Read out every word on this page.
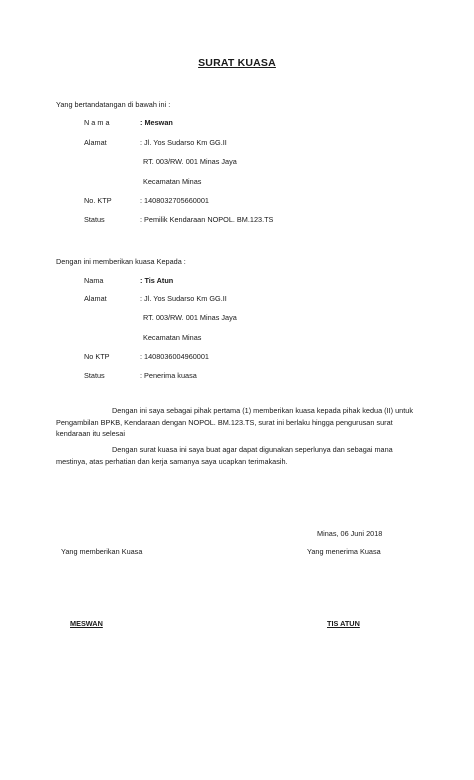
SURAT KUASA
Yang bertandatangan di bawah ini :
N a m a	: Meswan
Alamat	: Jl. Yos Sudarso Km GG.II
RT. 003/RW. 001 Minas Jaya
Kecamatan Minas
No. KTP	: 1408032705660001
Status	: Pemilik Kendaraan NOPOL. BM.123.TS
Dengan ini memberikan kuasa Kepada :
Nama	: Tis Atun
Alamat	: Jl. Yos Sudarso Km GG.II
RT. 003/RW. 001 Minas Jaya
Kecamatan Minas
No KTP	: 1408036004960001
Status	: Penerima kuasa
Dengan ini saya sebagai pihak pertama (1) memberikan kuasa kepada pihak kedua (II) untuk Pengambilan BPKB, Kendaraan dengan NOPOL. BM.123.TS, surat ini berlaku hingga pengurusan surat kendaraan itu selesai
Dengan surat kuasa ini saya buat agar dapat digunakan seperlunya dan sebagai mana mestinya, atas perhatian dan kerja samanya saya ucapkan terimakasih.
Minas, 06 Juni 2018
Yang memberikan Kuasa	Yang menerima Kuasa
MESWAN	TIS ATUN
